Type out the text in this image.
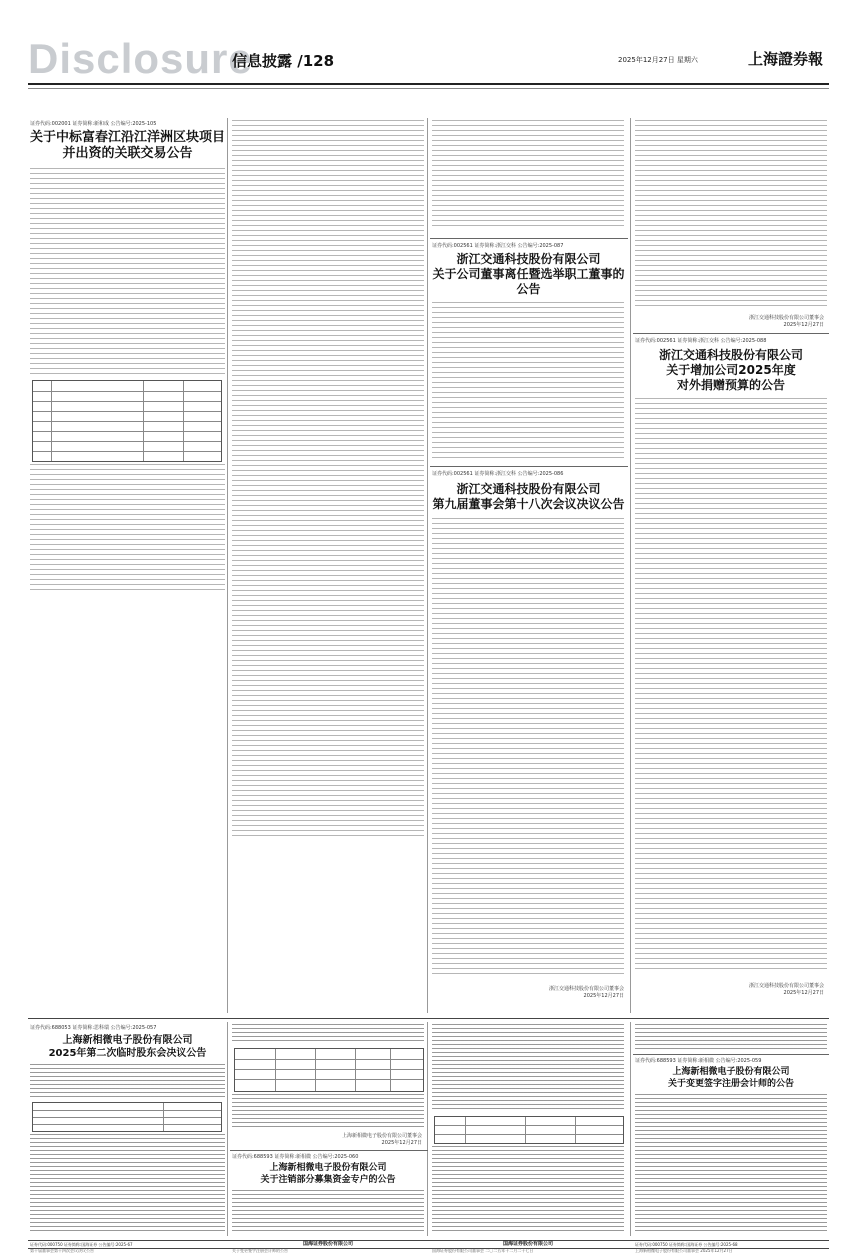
Disclosure
信息披露 /128	2025年12月27日 星期六	上海證券報
证券代码:002001 证券简称:新和成 公告编号:2025-105
关于中标富春江沿江洋洲区块项目
并出资的关联交易公告
证券代码:002561 证券简称:浙江交科 公告编号:2025-087
浙江交通科技股份有限公司
关于公司董事离任暨选举职工董事的
公告
证券代码:002561 证券简称:浙江交科 公告编号:2025-086
浙江交通科技股份有限公司
第九届董事会第十八次会议决议公告
浙江交通科技股份有限公司董事会
2025年12月27日
浙江交通科技股份有限公司董事会
2025年12月27日
证券代码:002561 证券简称:浙江交科 公告编号:2025-088
浙江交通科技股份有限公司
关于增加公司2025年度
对外捐赠预算的公告
浙江交通科技股份有限公司董事会
2025年12月27日
证券代码:688053 证券简称:思科瑞 公告编号:2025-057
上海新相微电子股份有限公司
2025年第二次临时股东会决议公告
上海新相微电子股份有限公司董事会
2025年12月27日
证券代码:688593 证券简称:新相微 公告编号:2025-060
上海新相微电子股份有限公司
关于注销部分募集资金专户的公告
证券代码:688593 证券简称:新相微 公告编号:2025-059
上海新相微电子股份有限公司
关于变更签字注册会计师的公告
证券代码:000750 证券简称:国海证券 公告编号:2025-67	国海证券股份有限公司	国海证券股份有限公司	证券代码:000750 证券简称:国海证券 公告编号:2025-68
第十届董事会第十四次会议决议公告	关于变更签字注册会计师的公告	国海证券股份有限公司董事会 二〇二五年十二月二十七日	上海新相微电子股份有限公司董事会 2025年12月27日
